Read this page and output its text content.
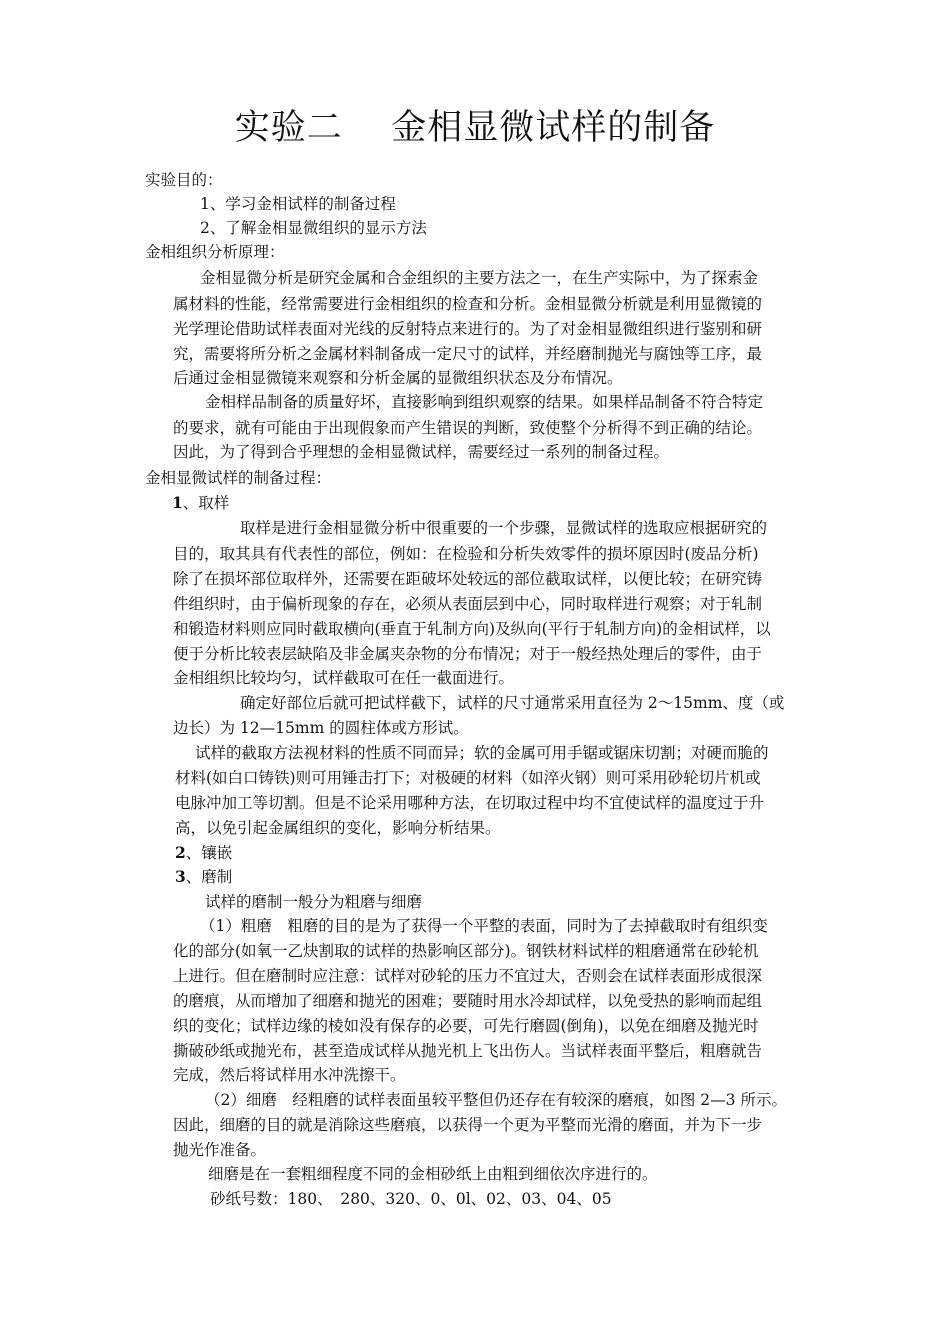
实验二    金相显微试样的制备
实验目的：
1、学习金相试样的制备过程
2、了解金相显微组织的显示方法
金相组织分析原理：
金相显微分析是研究金属和合金组织的主要方法之一，在生产实际中，为了探索金
属材料的性能，经常需要进行金相组织的检查和分析。金相显微分析就是利用显微镜的
光学理论借助试样表面对光线的反射特点来进行的。为了对金相显微组织进行鉴别和研
究，需要将所分析之金属材料制备成一定尺寸的试样，并经磨制抛光与腐蚀等工序，最
后通过金相显微镜来观察和分析金属的显微组织状态及分布情况。
金相样品制备的质量好坏，直接影响到组织观察的结果。如果样品制备不符合特定
的要求，就有可能由于出现假象而产生错误的判断，致使整个分析得不到正确的结论。
因此，为了得到合乎理想的金相显微试样，需要经过一系列的制备过程。
金相显微试样的制备过程：
1、取样
取样是进行金相显微分析中很重要的一个步骤，显微试样的选取应根据研究的
目的，取其具有代表性的部位，例如：在检验和分析失效零件的损坏原因时(废品分析)
除了在损坏部位取样外，还需要在距破坏处较远的部位截取试样，以便比较；在研究铸
件组织时，由于偏析现象的存在，必须从表面层到中心，同时取样进行观察；对于轧制
和锻造材料则应同时截取横向(垂直于轧制方向)及纵向(平行于轧制方向)的金相试样，以
便于分析比较表层缺陷及非金属夹杂物的分布情况；对于一般经热处理后的零件，由于
金相组织比较均匀，试样截取可在任一截面进行。
确定好部位后就可把试样截下，试样的尺寸通常采用直径为 2～15mm、度（或
边长）为 12—15mm 的圆柱体或方形试。
试样的截取方法视材料的性质不同而异；软的金属可用手锯或锯床切割；对硬而脆的
材料(如白口铸铁)则可用锤击打下；对极硬的材料（如淬火钢）则可采用砂轮切片机或
电脉冲加工等切割。但是不论采用哪种方法，在切取过程中均不宜使试样的温度过于升
高，以免引起金属组织的变化，影响分析结果。
2、镶嵌
3、磨制
试样的磨制一般分为粗磨与细磨
（1）粗磨　粗磨的目的是为了获得一个平整的表面，同时为了去掉截取时有组织变
化的部分(如氧一乙炔割取的试样的热影响区部分)。钢铁材料试样的粗磨通常在砂轮机
上进行。但在磨制时应注意：试样对砂轮的压力不宜过大，否则会在试样表面形成很深
的磨痕，从而增加了细磨和抛光的困难；要随时用水冷却试样，以免受热的影响而起组
织的变化；试样边缘的棱如没有保存的必要，可先行磨圆(倒角)，以免在细磨及抛光时
撕破砂纸或抛光布，甚至造成试样从抛光机上飞出伤人。当试样表面平整后，粗磨就告
完成，然后将试样用水冲洗擦干。
（2）细磨　经粗磨的试样表面虽较平整但仍还存在有较深的磨痕，如图 2—3 所示。
因此，细磨的目的就是消除这些磨痕，以获得一个更为平整而光滑的磨面，并为下一步
抛光作准备。
细磨是在一套粗细程度不同的金相砂纸上由粗到细依次序进行的。
砂纸号数：180、　280、320、0、0l、02、03、04、05
